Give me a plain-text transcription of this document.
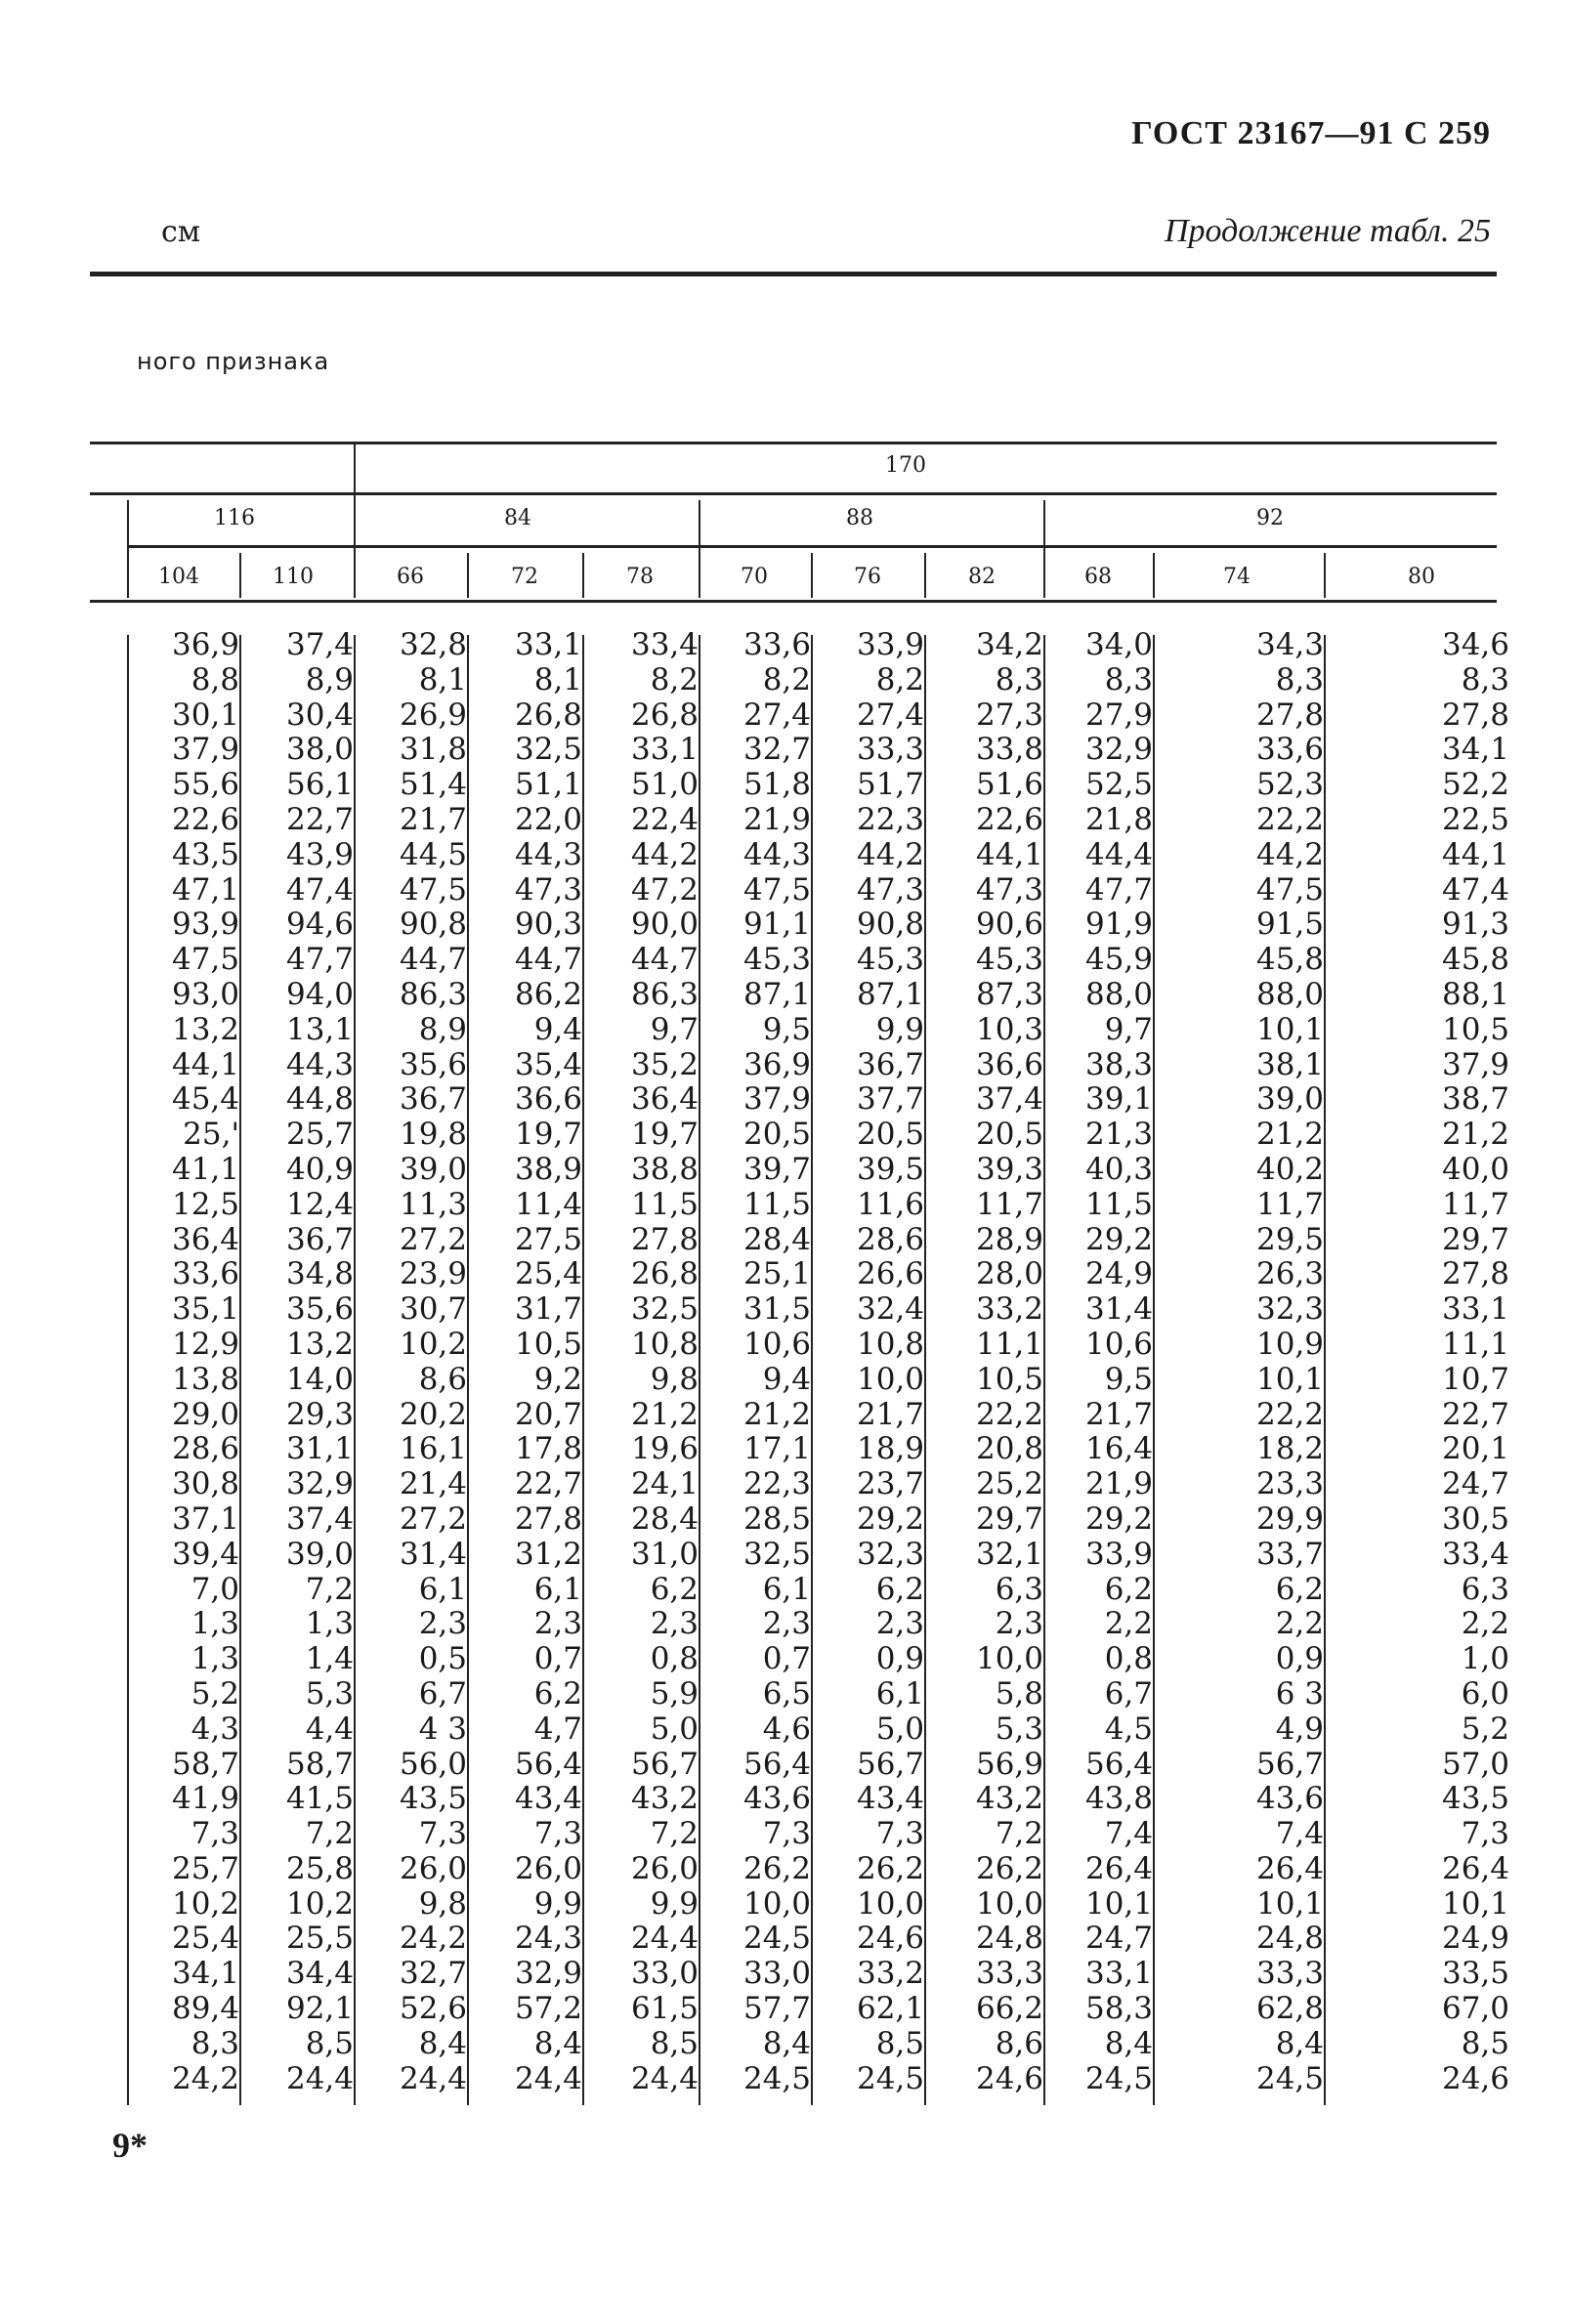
ГОСТ 23167—91 С 259
см	Продолжение табл. 25
ного признака
170
116	84	88	92
104	110	66	72	78	70	76	82	68	74	80
36,9	37,4	32,8	33,1	33,4	33,6	33,9	34,2	34,0	34,3	34,6
8,8	8,9	8,1	8,1	8,2	8,2	8,2	8,3	8,3	8,3	8,3
30,1	30,4	26,9	26,8	26,8	27,4	27,4	27,3	27,9	27,8	27,8
37,9	38,0	31,8	32,5	33,1	32,7	33,3	33,8	32,9	33,6	34,1
55,6	56,1	51,4	51,1	51,0	51,8	51,7	51,6	52,5	52,3	52,2
22,6	22,7	21,7	22,0	22,4	21,9	22,3	22,6	21,8	22,2	22,5
43,5	43,9	44,5	44,3	44,2	44,3	44,2	44,1	44,4	44,2	44,1
47,1	47,4	47,5	47,3	47,2	47,5	47,3	47,3	47,7	47,5	47,4
93,9	94,6	90,8	90,3	90,0	91,1	90,8	90,6	91,9	91,5	91,3
47,5	47,7	44,7	44,7	44,7	45,3	45,3	45,3	45,9	45,8	45,8
93,0	94,0	86,3	86,2	86,3	87,1	87,1	87,3	88,0	88,0	88,1
13,2	13,1	8,9	9,4	9,7	9,5	9,9	10,3	9,7	10,1	10,5
44,1	44,3	35,6	35,4	35,2	36,9	36,7	36,6	38,3	38,1	37,9
45,4	44,8	36,7	36,6	36,4	37,9	37,7	37,4	39,1	39,0	38,7
25,'	25,7	19,8	19,7	19,7	20,5	20,5	20,5	21,3	21,2	21,2
41,1	40,9	39,0	38,9	38,8	39,7	39,5	39,3	40,3	40,2	40,0
12,5	12,4	11,3	11,4	11,5	11,5	11,6	11,7	11,5	11,7	11,7
36,4	36,7	27,2	27,5	27,8	28,4	28,6	28,9	29,2	29,5	29,7
33,6	34,8	23,9	25,4	26,8	25,1	26,6	28,0	24,9	26,3	27,8
35,1	35,6	30,7	31,7	32,5	31,5	32,4	33,2	31,4	32,3	33,1
12,9	13,2	10,2	10,5	10,8	10,6	10,8	11,1	10,6	10,9	11,1
13,8	14,0	8,6	9,2	9,8	9,4	10,0	10,5	9,5	10,1	10,7
29,0	29,3	20,2	20,7	21,2	21,2	21,7	22,2	21,7	22,2	22,7
28,6	31,1	16,1	17,8	19,6	17,1	18,9	20,8	16,4	18,2	20,1
30,8	32,9	21,4	22,7	24,1	22,3	23,7	25,2	21,9	23,3	24,7
37,1	37,4	27,2	27,8	28,4	28,5	29,2	29,7	29,2	29,9	30,5
39,4	39,0	31,4	31,2	31,0	32,5	32,3	32,1	33,9	33,7	33,4
7,0	7,2	6,1	6,1	6,2	6,1	6,2	6,3	6,2	6,2	6,3
1,3	1,3	2,3	2,3	2,3	2,3	2,3	2,3	2,2	2,2	2,2
1,3	1,4	0,5	0,7	0,8	0,7	0,9	10,0	0,8	0,9	1,0
5,2	5,3	6,7	6,2	5,9	6,5	6,1	5,8	6,7	6 3	6,0
4,3	4,4	4 3	4,7	5,0	4,6	5,0	5,3	4,5	4,9	5,2
58,7	58,7	56,0	56,4	56,7	56,4	56,7	56,9	56,4	56,7	57,0
41,9	41,5	43,5	43,4	43,2	43,6	43,4	43,2	43,8	43,6	43,5
7,3	7,2	7,3	7,3	7,2	7,3	7,3	7,2	7,4	7,4	7,3
25,7	25,8	26,0	26,0	26,0	26,2	26,2	26,2	26,4	26,4	26,4
10,2	10,2	9,8	9,9	9,9	10,0	10,0	10,0	10,1	10,1	10,1
25,4	25,5	24,2	24,3	24,4	24,5	24,6	24,8	24,7	24,8	24,9
34,1	34,4	32,7	32,9	33,0	33,0	33,2	33,3	33,1	33,3	33,5
89,4	92,1	52,6	57,2	61,5	57,7	62,1	66,2	58,3	62,8	67,0
8,3	8,5	8,4	8,4	8,5	8,4	8,5	8,6	8,4	8,4	8,5
24,2	24,4	24,4	24,4	24,4	24,5	24,5	24,6	24,5	24,5	24,6
9*
